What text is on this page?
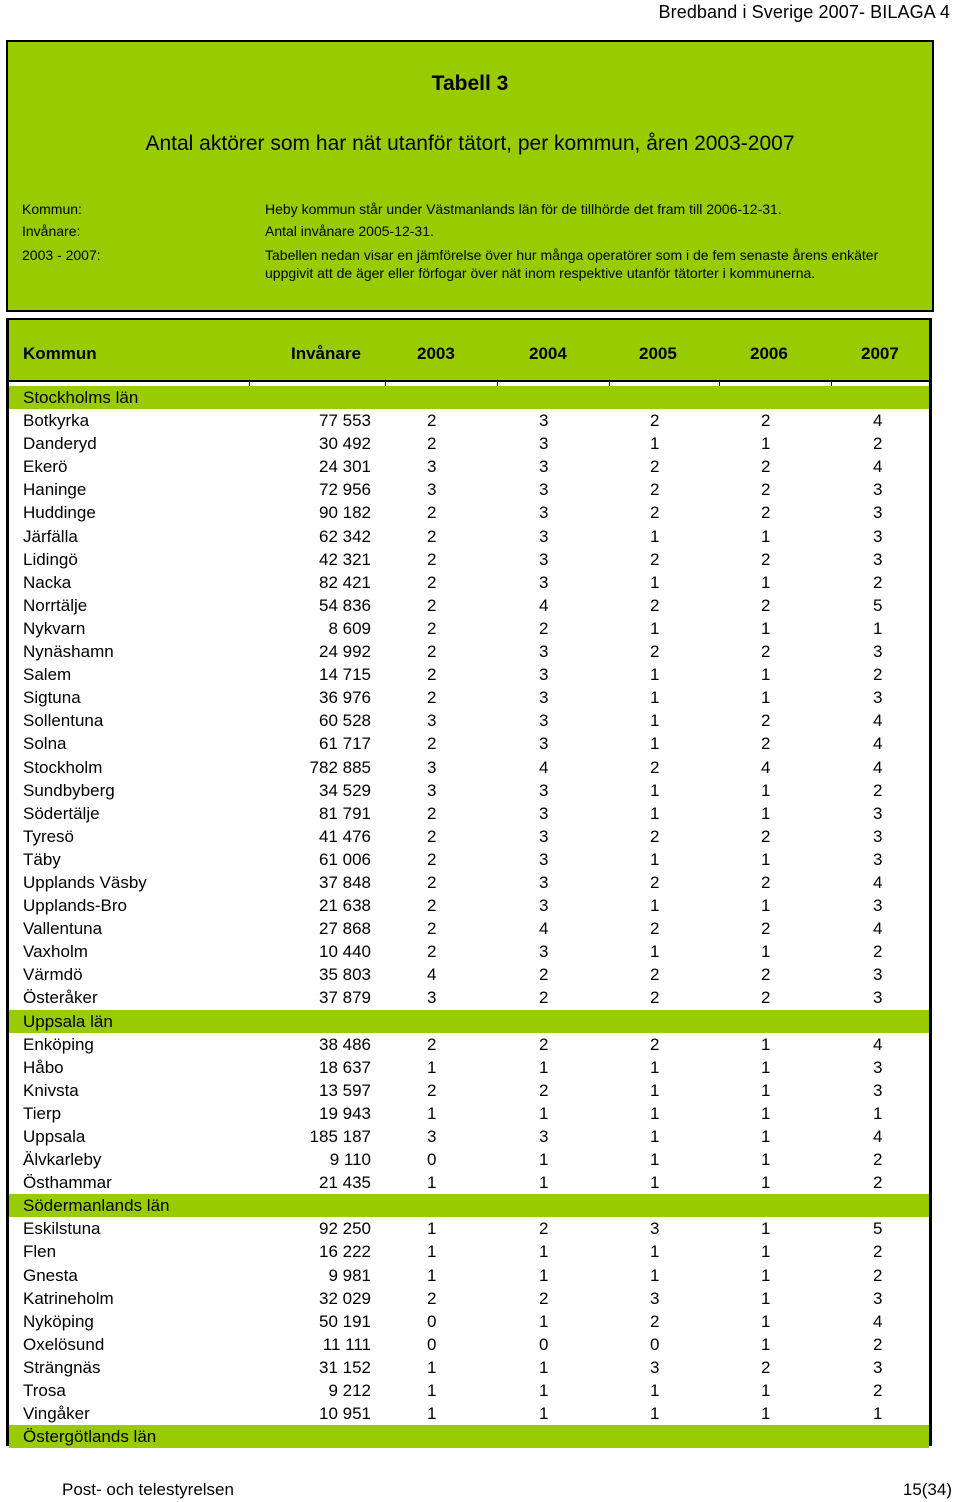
Bredband i Sverige 2007- BILAGA 4
Tabell 3
Antal aktörer som har nät utanför tätort, per kommun, åren 2003-2007
Kommun:	Heby kommun står under Västmanlands län för de tillhörde det fram till 2006-12-31.
Invånare:	Antal invånare 2005-12-31.
2003 - 2007:	Tabellen nedan visar en jämförelse över hur många operatörer som i de fem senaste årens enkäter uppgivit att de äger eller förfogar över nät inom respektive utanför tätorter i kommunerna.
Kommun	Invånare	2003	2004	2005	2006	2007
Stockholms län
Botkyrka	77 553	2	3	2	2	4
Danderyd	30 492	2	3	1	1	2
Ekerö	24 301	3	3	2	2	4
Haninge	72 956	3	3	2	2	3
Huddinge	90 182	2	3	2	2	3
Järfälla	62 342	2	3	1	1	3
Lidingö	42 321	2	3	2	2	3
Nacka	82 421	2	3	1	1	2
Norrtälje	54 836	2	4	2	2	5
Nykvarn	8 609	2	2	1	1	1
Nynäshamn	24 992	2	3	2	2	3
Salem	14 715	2	3	1	1	2
Sigtuna	36 976	2	3	1	1	3
Sollentuna	60 528	3	3	1	2	4
Solna	61 717	2	3	1	2	4
Stockholm	782 885	3	4	2	4	4
Sundbyberg	34 529	3	3	1	1	2
Södertälje	81 791	2	3	1	1	3
Tyresö	41 476	2	3	2	2	3
Täby	61 006	2	3	1	1	3
Upplands Väsby	37 848	2	3	2	2	4
Upplands-Bro	21 638	2	3	1	1	3
Vallentuna	27 868	2	4	2	2	4
Vaxholm	10 440	2	3	1	1	2
Värmdö	35 803	4	2	2	2	3
Österåker	37 879	3	2	2	2	3
Uppsala län
Enköping	38 486	2	2	2	1	4
Håbo	18 637	1	1	1	1	3
Knivsta	13 597	2	2	1	1	3
Tierp	19 943	1	1	1	1	1
Uppsala	185 187	3	3	1	1	4
Älvkarleby	9 110	0	1	1	1	2
Östhammar	21 435	1	1	1	1	2
Södermanlands län
Eskilstuna	92 250	1	2	3	1	5
Flen	16 222	1	1	1	1	2
Gnesta	9 981	1	1	1	1	2
Katrineholm	32 029	2	2	3	1	3
Nyköping	50 191	0	1	2	1	4
Oxelösund	11 111	0	0	0	1	2
Strängnäs	31 152	1	1	3	2	3
Trosa	9 212	1	1	1	1	2
Vingåker	10 951	1	1	1	1	1
Östergötlands län
Post- och telestyrelsen	15(34)
